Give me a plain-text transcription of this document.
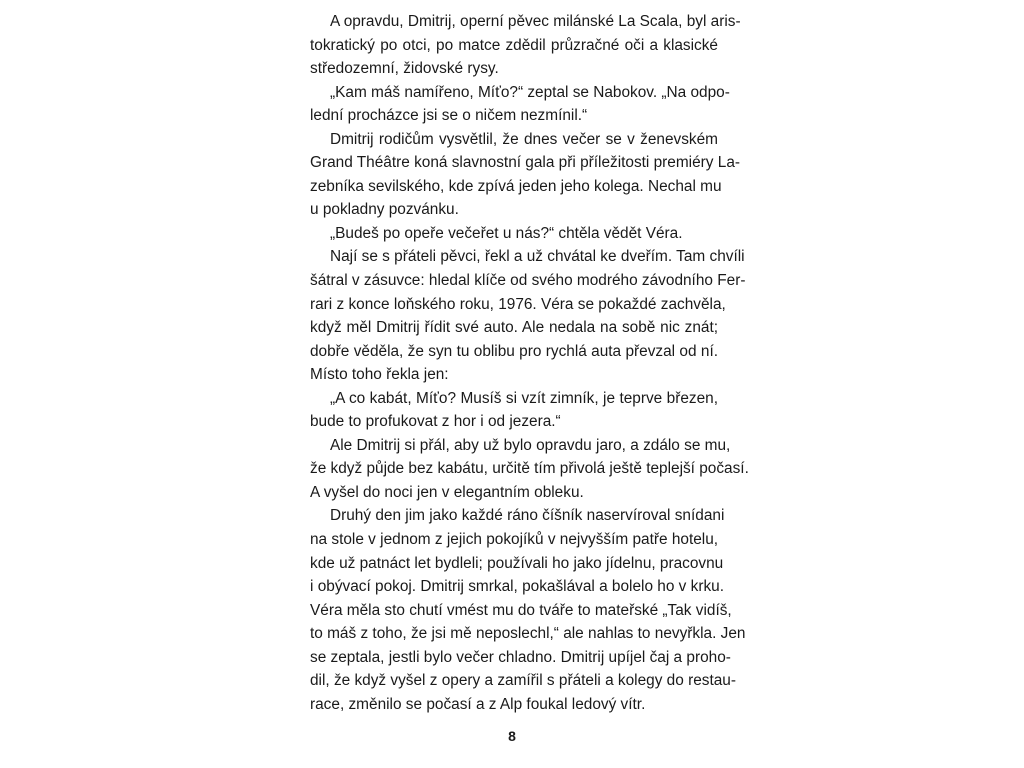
A opravdu, Dmitrij, operní pěvec milánské La Scala, byl aris-
tokratický po otci, po matce zdědil průzračné oči a klasické
středozemní, židovské rysy.
„Kam máš namířeno, Míťo?“ zeptal se Nabokov. „Na odpo-
lední procházce jsi se o ničem nezmínil.“
Dmitrij rodičům vysvětlil, že dnes večer se v ženevském
Grand Théâtre koná slavnostní gala při příležitosti premiéry La-
zebníka sevilského, kde zpívá jeden jeho kolega. Nechal mu
u pokladny pozvánku.
„Budeš po opeře večeřet u nás?“ chtěla vědět Véra.
Nají se s přáteli pěvci, řekl a už chvátal ke dveřím. Tam chvíli
šátral v zásuvce: hledal klíče od svého modrého závodního Fer-
rari z konce loňského roku, 1976. Véra se pokaždé zachvěla,
když měl Dmitrij řídit své auto. Ale nedala na sobě nic znát;
dobře věděla, že syn tu oblibu pro rychlá auta převzal od ní.
Místo toho řekla jen:
„A co kabát, Míťo? Musíš si vzít zimník, je teprve březen,
bude to profukovat z hor i od jezera.“
Ale Dmitrij si přál, aby už bylo opravdu jaro, a zdálo se mu,
že když půjde bez kabátu, určitě tím přivolá ještě teplejší počasí.
A vyšel do noci jen v elegantním obleku.
Druhý den jim jako každé ráno číšník naservíroval snídani
na stole v jednom z jejich pokojíků v nejvyšším patře hotelu,
kde už patnáct let bydleli; používali ho jako jídelnu, pracovnu
i obývací pokoj. Dmitrij smrkal, pokašlával a bolelo ho v krku.
Véra měla sto chutí vmést mu do tváře to mateřské „Tak vidíš,
to máš z toho, že jsi mě neposlechl,“ ale nahlas to nevyřkla. Jen
se zeptala, jestli bylo večer chladno. Dmitrij upíjel čaj a proho-
dil, že když vyšel z opery a zamířil s přáteli a kolegy do restau-
race, změnilo se počasí a z Alp foukal ledový vítr.
8
